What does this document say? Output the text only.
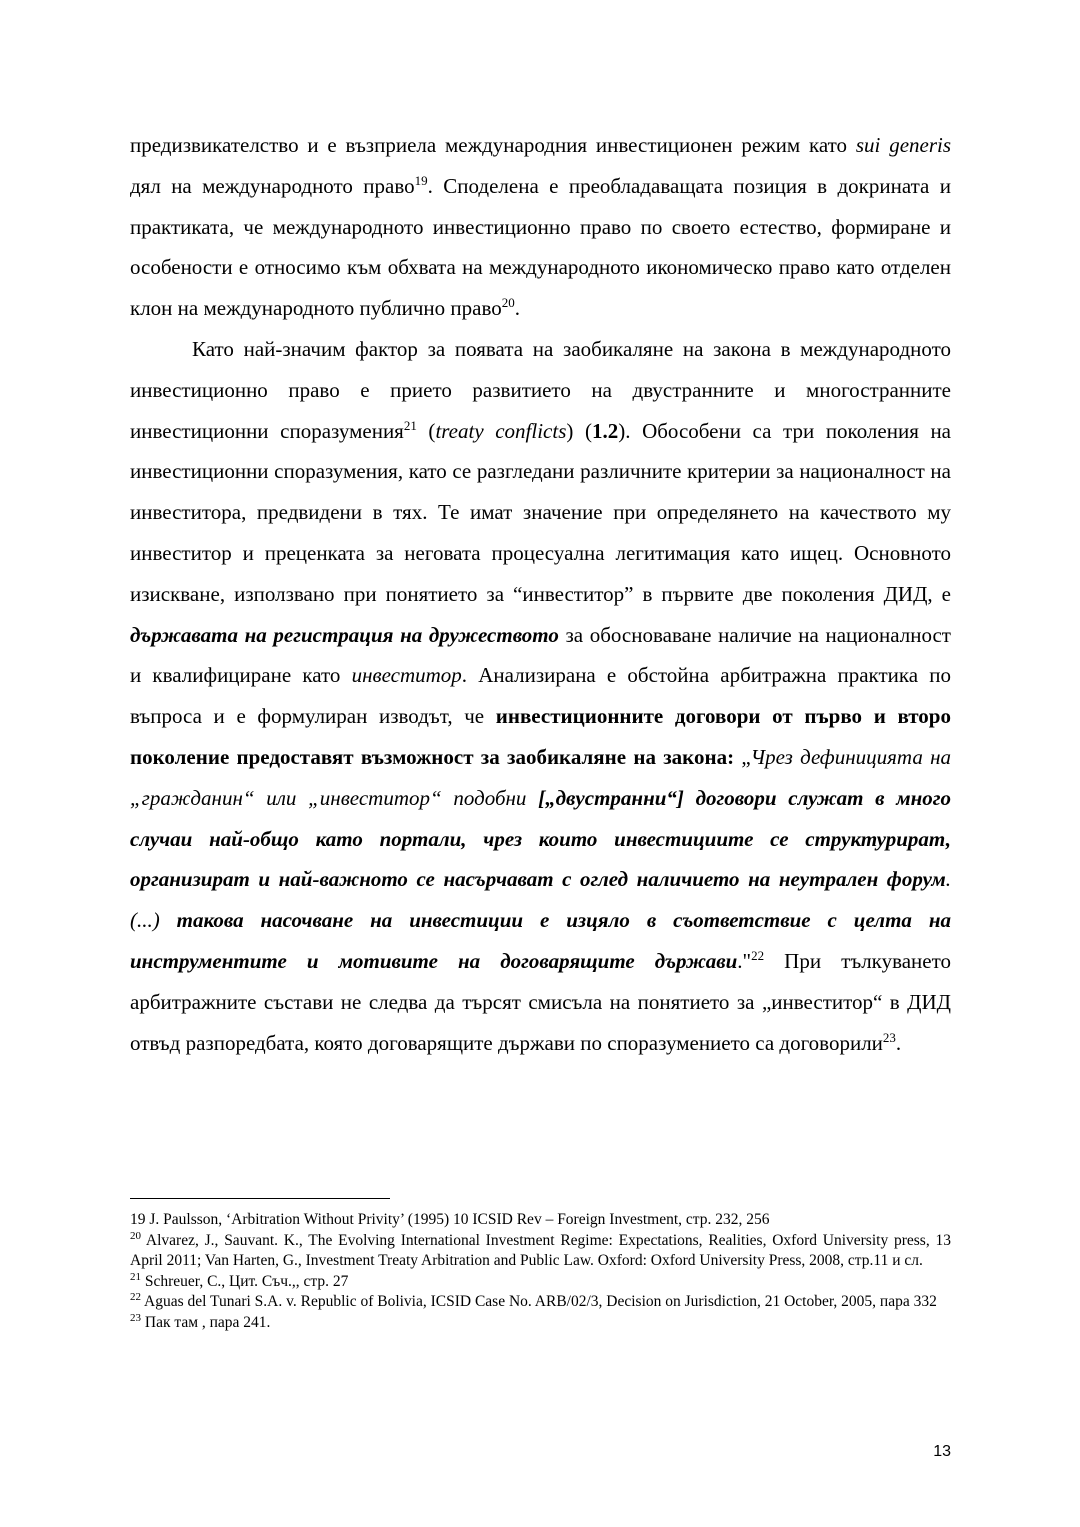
предизвикателство и е възприела международния инвестиционен режим като sui generis дял на международното право$^{19}$. Споделена е преобладаващата позиция в докрината и практиката, че международното инвестиционно право по своето естество, формиране и особености е относимо към обхвата на международното икономическо право като отделен клон на международното публично право$^{20}$.

Като най-значим фактор за появата на заобикаляне на закона в международното инвестиционно право е прието развитието на двустранните и многостранните инвестиционни споразумения$^{21}$ (treaty conflicts) (1.2). Обособени са три поколения на инвестиционни споразумения, като се разгледани различните критерии за националност на инвеститора, предвидени в тях. Те имат значение при определянето на качеството му инвеститор и преценката за неговата процесуална легитимация като ищец. Основното изискване, използвано при понятието за “инвеститор” в първите две поколения ДИД, е държавата на регистрация на дружеството за обосноваване наличие на националност и квалифициране като инвеститор. Анализирана е обстойна арбитражна практика по въпроса и е формулиран изводът, че инвестиционните договори от първо и второ поколение предоставят възможност за заобикаляне на закона: „Чрез дефиницията на „гражданин“ или „инвеститор“ подобни [„двустранни“] договори служат в много случаи най-общо като портали, чрез които инвестициите се структурират, организират и най-важното се насърчават с оглед наличието на неутрален форум. (...) такова насочване на инвестиции е изцяло в съответствие с целта на инструментите и мотивите на договарящите държави."$^{22}$ При тълкуването арбитражните състави не следва да търсят смисъла на понятието за „инвеститор“ в ДИД отвъд разпоредбата, която договарящите държави по споразумението са договорили$^{23}$.

19 J. Paulsson, ‘Arbitration Without Privity’ (1995) 10 ICSID Rev – Foreign Investment, стр. 232, 256

$^{20}$ Alvarez, J., Sauvant. K., The Evolving International Investment Regime: Expectations, Realities, Oxford University press, 13 April 2011; Van Harten, G., Investment Treaty Arbitration and Public Law. Oxford: Oxford University Press, 2008, стр.11 и сл.

$^{21}$ Schreuer, C., Цит. Съч.,, стр. 27

$^{22}$ Aguas del Tunari S.A. v. Republic of Bolivia, ICSID Case No. ARB/02/3, Decision on Jurisdiction, 21 October, 2005, пара 332

$^{23}$ Пак там , пара 241.

13
